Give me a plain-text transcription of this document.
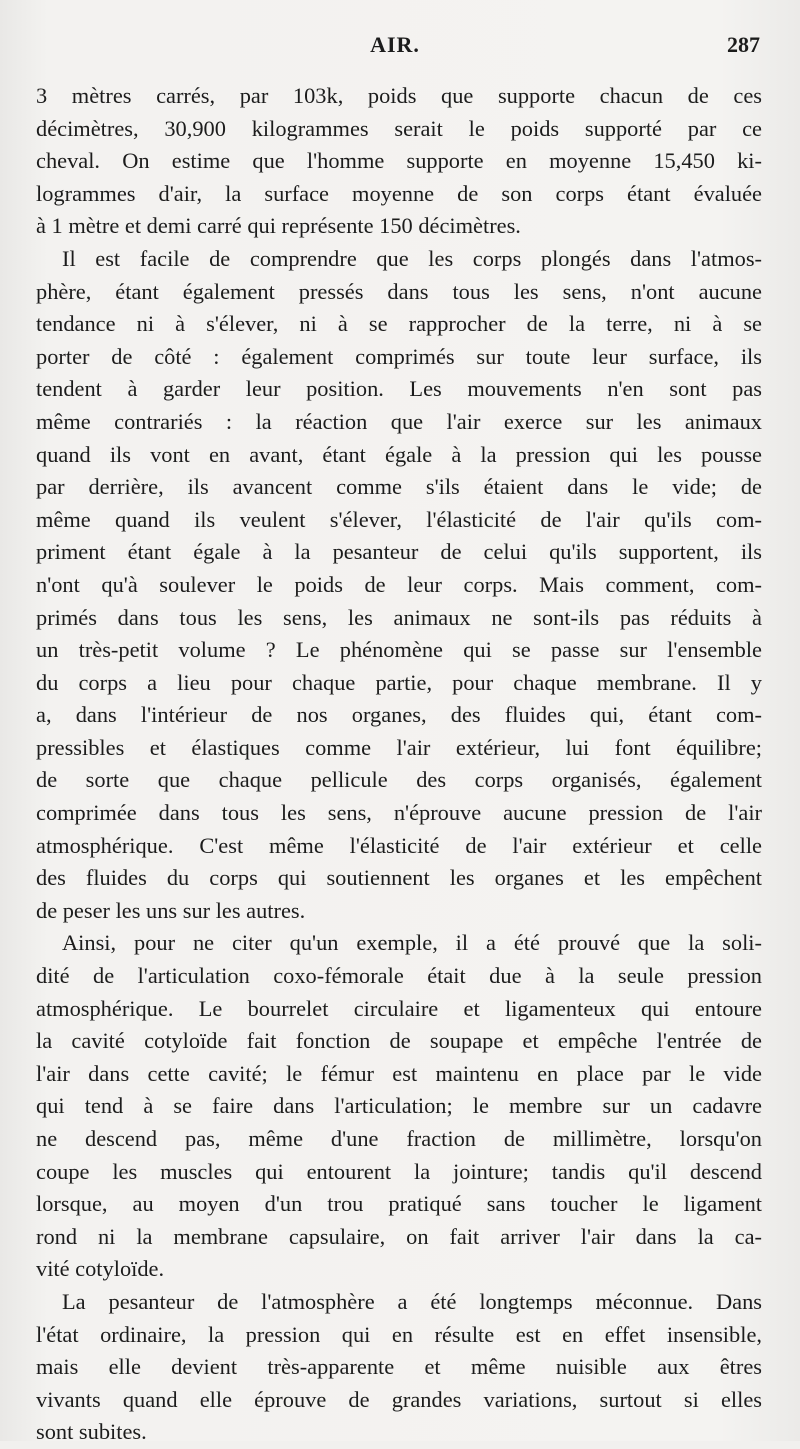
AIR.	287
3 mètres carrés, par 103k, poids que supporte chacun de ces
décimètres, 30,900 kilogrammes serait le poids supporté par ce
cheval. On estime que l'homme supporte en moyenne 15,450 ki-
logrammes d'air, la surface moyenne de son corps étant évaluée
à 1 mètre et demi carré qui représente 150 décimètres.
Il est facile de comprendre que les corps plongés dans l'atmos-
phère, étant également pressés dans tous les sens, n'ont aucune
tendance ni à s'élever, ni à se rapprocher de la terre, ni à se
porter de côté : également comprimés sur toute leur surface, ils
tendent à garder leur position. Les mouvements n'en sont pas
même contrariés : la réaction que l'air exerce sur les animaux
quand ils vont en avant, étant égale à la pression qui les pousse
par derrière, ils avancent comme s'ils étaient dans le vide; de
même quand ils veulent s'élever, l'élasticité de l'air qu'ils com-
priment étant égale à la pesanteur de celui qu'ils supportent, ils
n'ont qu'à soulever le poids de leur corps. Mais comment, com-
primés dans tous les sens, les animaux ne sont-ils pas réduits à
un très-petit volume ? Le phénomène qui se passe sur l'ensemble
du corps a lieu pour chaque partie, pour chaque membrane. Il y
a, dans l'intérieur de nos organes, des fluides qui, étant com-
pressibles et élastiques comme l'air extérieur, lui font équilibre;
de sorte que chaque pellicule des corps organisés, également
comprimée dans tous les sens, n'éprouve aucune pression de l'air
atmosphérique. C'est même l'élasticité de l'air extérieur et celle
des fluides du corps qui soutiennent les organes et les empêchent
de peser les uns sur les autres.
Ainsi, pour ne citer qu'un exemple, il a été prouvé que la soli-
dité de l'articulation coxo-fémorale était due à la seule pression
atmosphérique. Le bourrelet circulaire et ligamenteux qui entoure
la cavité cotyloïde fait fonction de soupape et empêche l'entrée de
l'air dans cette cavité; le fémur est maintenu en place par le vide
qui tend à se faire dans l'articulation; le membre sur un cadavre
ne descend pas, même d'une fraction de millimètre, lorsqu'on
coupe les muscles qui entourent la jointure; tandis qu'il descend
lorsque, au moyen d'un trou pratiqué sans toucher le ligament
rond ni la membrane capsulaire, on fait arriver l'air dans la ca-
vité cotyloïde.
La pesanteur de l'atmosphère a été longtemps méconnue. Dans
l'état ordinaire, la pression qui en résulte est en effet insensible,
mais elle devient très-apparente et même nuisible aux êtres
vivants quand elle éprouve de grandes variations, surtout si elles
sont subites.
